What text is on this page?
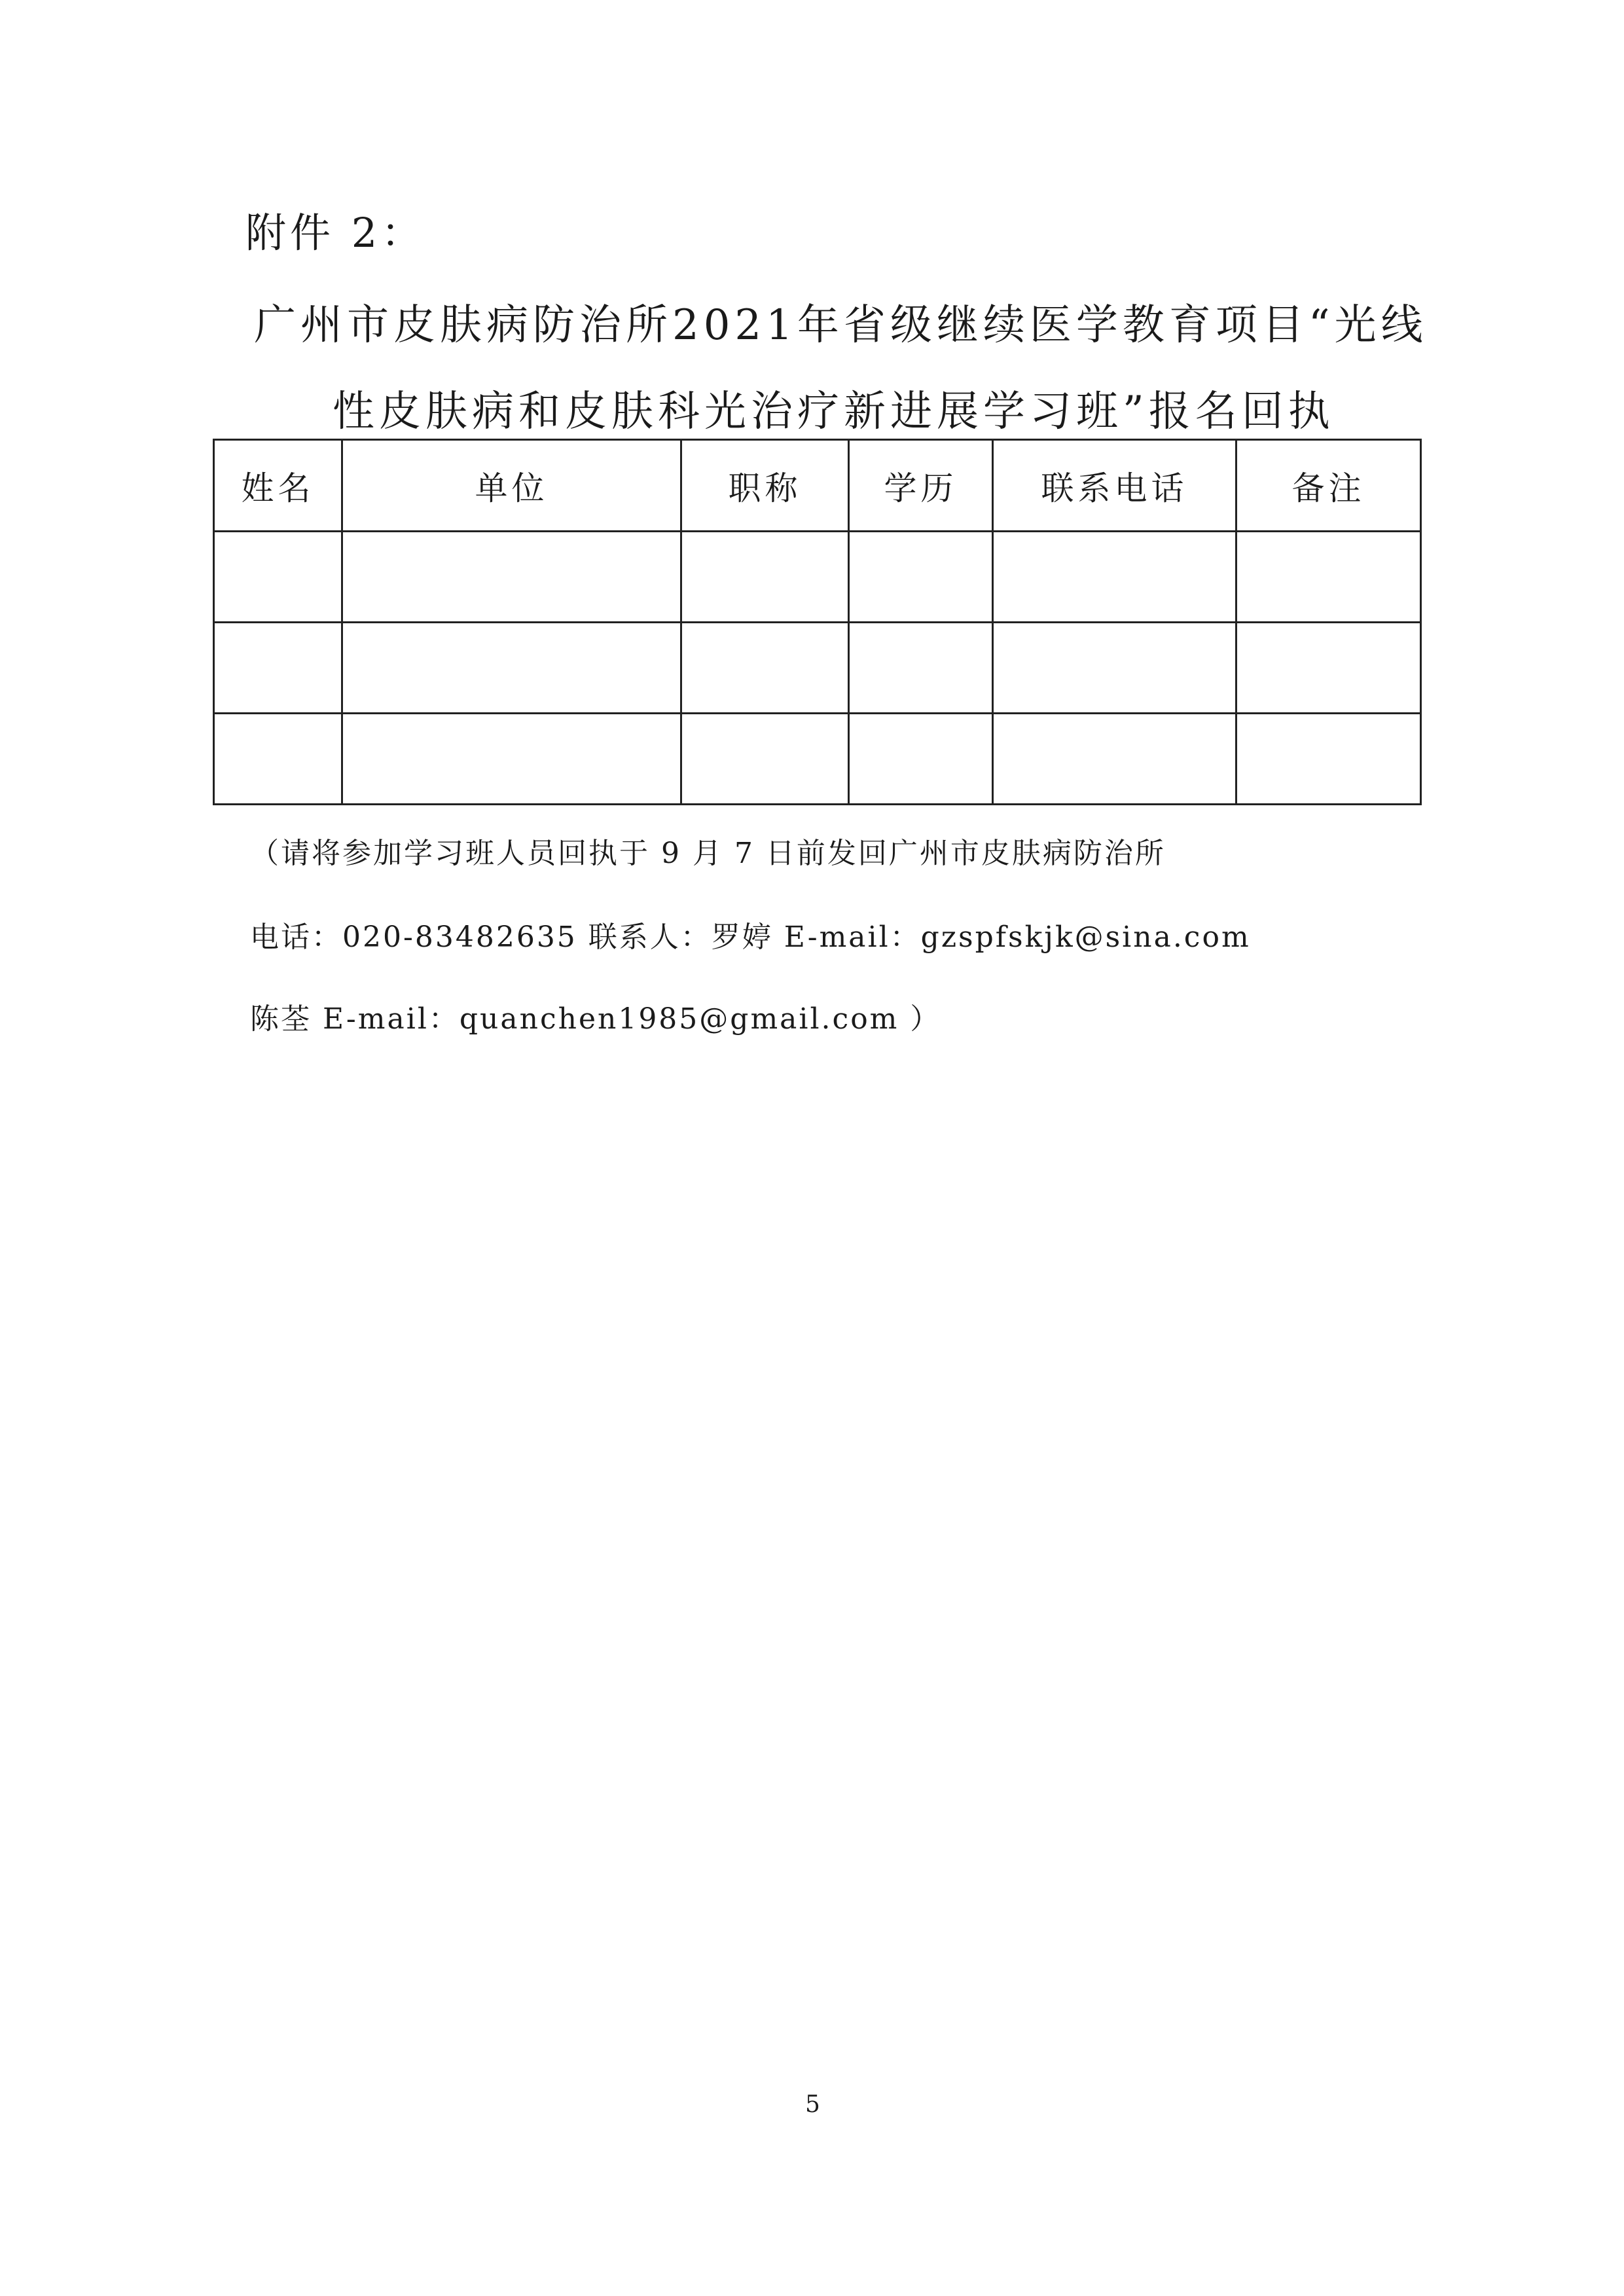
附件 2：
广州市皮肤病防治所2021年省级继续医学教育项目“光线
性皮肤病和皮肤科光治疗新进展学习班”报名回执
姓名	单位	职称	学历	联系电话	备注

（请将参加学习班人员回执于 9 月 7 日前发回广州市皮肤病防治所
电话：020-83482635 联系人：罗婷 E-mail：gzspfskjk@sina.com
陈荃 E-mail：quanchen1985@gmail.com ）
5
